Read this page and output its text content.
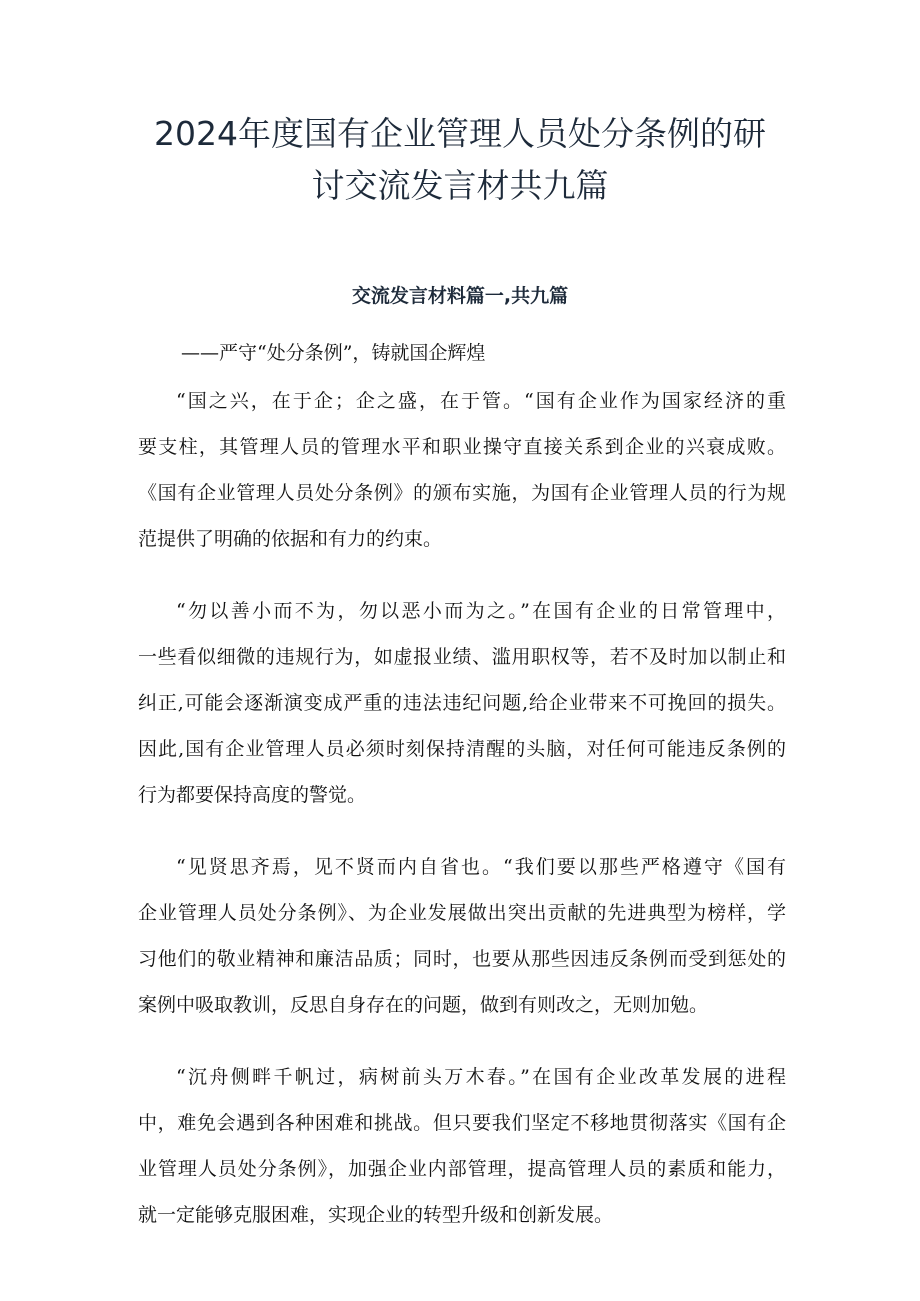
2024年度国有企业管理人员处分条例的研
讨交流发言材共九篇
交流发言材料篇一,共九篇

——严守“处分条例”，铸就国企辉煌

“国之兴，在于企；企之盛，在于管。“国有企业作为国家经济的重
要支柱，其管理人员的管理水平和职业操守直接关系到企业的兴衰成败。
《国有企业管理人员处分条例》的颁布实施，为国有企业管理人员的行为规
范提供了明确的依据和有力的约束。

“勿以善小而不为，勿以恶小而为之。”在国有企业的日常管理中，
一些看似细微的违规行为，如虚报业绩、滥用职权等，若不及时加以制止和
纠正,可能会逐渐演变成严重的违法违纪问题,给企业带来不可挽回的损失。
因此,国有企业管理人员必须时刻保持清醒的头脑，对任何可能违反条例的
行为都要保持高度的警觉。

“见贤思齐焉，见不贤而内自省也。“我们要以那些严格遵守《国有
企业管理人员处分条例》、为企业发展做出突出贡献的先进典型为榜样，学
习他们的敬业精神和廉洁品质；同时，也要从那些因违反条例而受到惩处的
案例中吸取教训，反思自身存在的问题，做到有则改之，无则加勉。

“沉舟侧畔千帆过，病树前头万木春。”在国有企业改革发展的进程
中，难免会遇到各种困难和挑战。但只要我们坚定不移地贯彻落实《国有企
业管理人员处分条例》，加强企业内部管理，提高管理人员的素质和能力，
就一定能够克服困难，实现企业的转型升级和创新发展。
